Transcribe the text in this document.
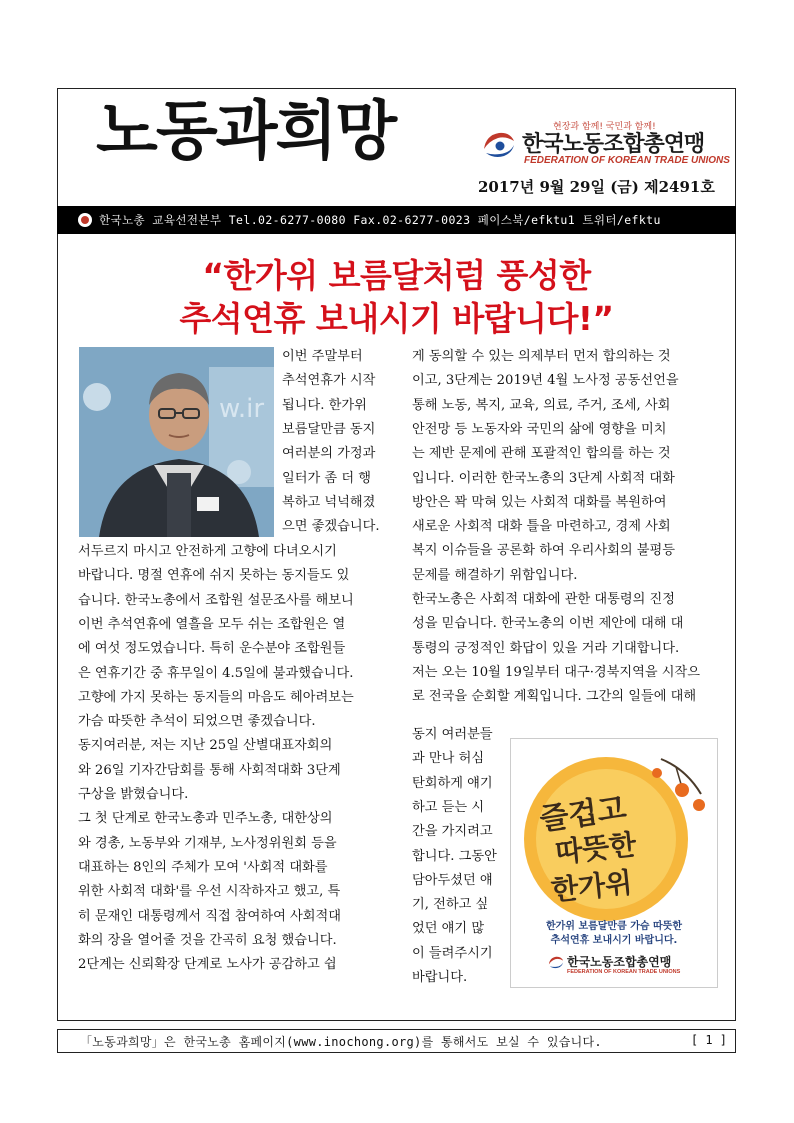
노동과희망	현장과 함께! 국민과 함께!
한국노동조합총연맹
FEDERATION OF KOREAN TRADE UNIONS
2017년 9월 29일 (금) 제2491호
한국노총 교육선전본부 Tel.02-6277-0080 Fax.02-6277-0023 페이스북/efktu1 트위터/efktu
“한가위 보름달처럼 풍성한
추석연휴 보내시기 바랍니다!”
w.ir
이번 주말부터
추석연휴가 시작
됩니다. 한가위
보름달만큼 동지
여러분의 가정과
일터가 좀 더 행
복하고 넉넉해졌
으면 좋겠습니다.
서두르지 마시고 안전하게 고향에 다녀오시기
바랍니다. 명절 연휴에 쉬지 못하는 동지들도 있
습니다. 한국노총에서 조합원 설문조사를 해보니
이번 추석연휴에 열흘을 모두 쉬는 조합원은 열
에 여섯 정도였습니다. 특히 운수분야 조합원들
은 연휴기간 중 휴무일이 4.5일에 불과했습니다.
고향에 가지 못하는 동지들의 마음도 헤아려보는
가슴 따뜻한 추석이 되었으면 좋겠습니다.
동지여러분, 저는 지난 25일 산별대표자회의
와 26일 기자간담회를 통해 사회적대화 3단계
구상을 밝혔습니다.
그 첫 단계로 한국노총과 민주노총, 대한상의
와 경총, 노동부와 기재부, 노사정위원회 등을
대표하는 8인의 주체가 모여 '사회적 대화를
위한 사회적 대화'를 우선 시작하자고 했고, 특
히 문재인 대통령께서 직접 참여하여 사회적대
화의 장을 열어줄 것을 간곡히 요청 했습니다.
2단계는 신뢰확장 단계로 노사가 공감하고 쉽
게 동의할 수 있는 의제부터 먼저 합의하는 것
이고, 3단계는 2019년 4월 노사정 공동선언을
통해 노동, 복지, 교육, 의료, 주거, 조세, 사회
안전망 등 노동자와 국민의 삶에 영향을 미치
는 제반 문제에 관해 포괄적인 합의를 하는 것
입니다. 이러한 한국노총의 3단계 사회적 대화
방안은 꽉 막혀 있는 사회적 대화를 복원하여
새로운 사회적 대화 틀을 마련하고, 경제 사회
복지 이슈들을 공론화 하여 우리사회의 불평등
문제를 해결하기 위함입니다.
한국노총은 사회적 대화에 관한 대통령의 진정
성을 믿습니다. 한국노총의 이번 제안에 대해 대
통령의 긍정적인 화답이 있을 거라 기대합니다.
저는 오는 10월 19일부터 대구·경북지역을 시작으
로 전국을 순회할 계획입니다. 그간의 일들에 대해
동지 여러분들
과 만나 허심
탄회하게 얘기
하고 듣는 시
간을 가지려고
합니다. 그동안
담아두셨던 얘
기, 전하고 싶
었던 얘기 많
이 들려주시기
바랍니다.
즐겁고
따뜻한
한가위
한가위 보름달만큼 가슴 따뜻한
추석연휴 보내시기 바랍니다.
한국노동조합총연맹
FEDERATION OF KOREAN TRADE UNIONS
「노동과희망」은 한국노총 홈페이지(www.inochong.org)를 통해서도 보실 수 있습니다.	[ 1 ]
